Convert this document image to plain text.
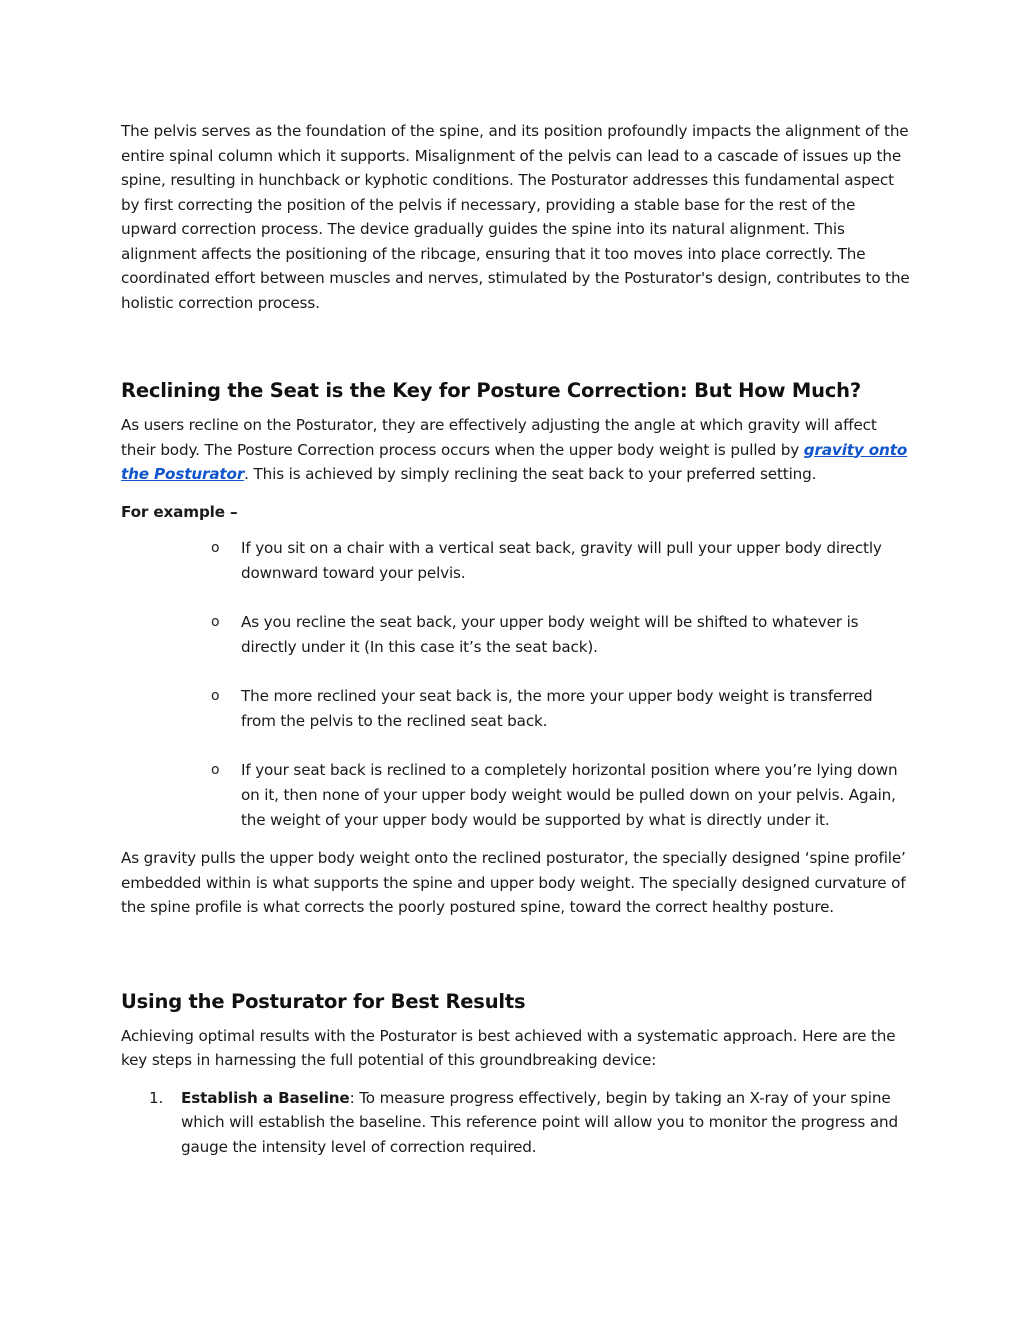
The pelvis serves as the foundation of the spine, and its position profoundly impacts the alignment of the entire spinal column which it supports. Misalignment of the pelvis can lead to a cascade of issues up the spine, resulting in hunchback or kyphotic conditions. The Posturator addresses this fundamental aspect by first correcting the position of the pelvis if necessary, providing a stable base for the rest of the upward correction process. The device gradually guides the spine into its natural alignment. This alignment affects the positioning of the ribcage, ensuring that it too moves into place correctly. The coordinated effort between muscles and nerves, stimulated by the Posturator's design, contributes to the holistic correction process.

Reclining the Seat is the Key for Posture Correction: But How Much?

As users recline on the Posturator, they are effectively adjusting the angle at which gravity will affect their body. The Posture Correction process occurs when the upper body weight is pulled by gravity onto the Posturator. This is achieved by simply reclining the seat back to your preferred setting.

For example –

o If you sit on a chair with a vertical seat back, gravity will pull your upper body directly downward toward your pelvis.
o As you recline the seat back, your upper body weight will be shifted to whatever is directly under it (In this case it’s the seat back).
o The more reclined your seat back is, the more your upper body weight is transferred from the pelvis to the reclined seat back.
o If your seat back is reclined to a completely horizontal position where you’re lying down on it, then none of your upper body weight would be pulled down on your pelvis. Again, the weight of your upper body would be supported by what is directly under it.

As gravity pulls the upper body weight onto the reclined posturator, the specially designed ‘spine profile’ embedded within is what supports the spine and upper body weight. The specially designed curvature of the spine profile is what corrects the poorly postured spine, toward the correct healthy posture.

Using the Posturator for Best Results

Achieving optimal results with the Posturator is best achieved with a systematic approach. Here are the key steps in harnessing the full potential of this groundbreaking device:

1. Establish a Baseline: To measure progress effectively, begin by taking an X-ray of your spine which will establish the baseline. This reference point will allow you to monitor the progress and gauge the intensity level of correction required.
